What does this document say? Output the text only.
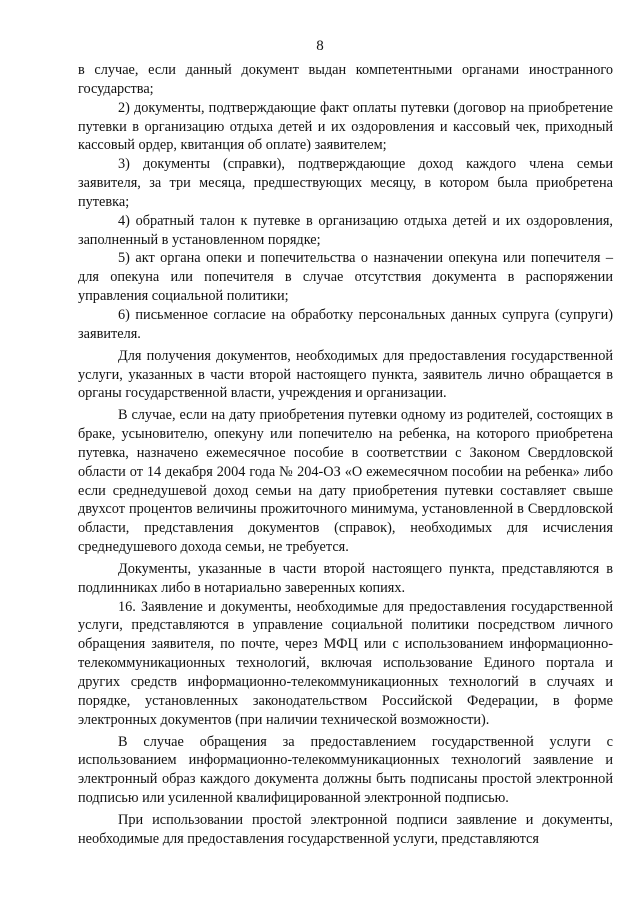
8

в случае, если данный документ выдан компетентными органами иностранного государства;

2) документы, подтверждающие факт оплаты путевки (договор на приобретение путевки в организацию отдыха детей и их оздоровления и кассовый чек, приходный кассовый ордер, квитанция об оплате) заявителем;

3) документы (справки), подтверждающие доход каждого члена семьи заявителя, за три месяца, предшествующих месяцу, в котором была приобретена путевка;

4) обратный талон к путевке в организацию отдыха детей и их оздоровления, заполненный в установленном порядке;

5) акт органа опеки и попечительства о назначении опекуна или попечителя – для опекуна или попечителя в случае отсутствия документа в распоряжении управления социальной политики;

6) письменное согласие на обработку персональных данных супруга (супруги) заявителя.

Для получения документов, необходимых для предоставления государственной услуги, указанных в части второй настоящего пункта, заявитель лично обращается в органы государственной власти, учреждения и организации.

В случае, если на дату приобретения путевки одному из родителей, состоящих в браке, усыновителю, опекуну или попечителю на ребенка, на которого приобретена путевка, назначено ежемесячное пособие в соответствии с Законом Свердловской области от 14 декабря 2004 года № 204-ОЗ «О ежемесячном пособии на ребенка» либо если среднедушевой доход семьи на дату приобретения путевки составляет свыше двухсот процентов величины прожиточного минимума, установленной в Свердловской области, представления документов (справок), необходимых для исчисления среднедушевого дохода семьи, не требуется.

Документы, указанные в части второй настоящего пункта, представляются в подлинниках либо в нотариально заверенных копиях.

16. Заявление и документы, необходимые для предоставления государственной услуги, представляются в управление социальной политики посредством личного обращения заявителя, по почте, через МФЦ или с использованием информационно-телекоммуникационных технологий, включая использование Единого портала и других средств информационно-телекоммуникационных технологий в случаях и порядке, установленных законодательством Российской Федерации, в форме электронных документов (при наличии технической возможности).

В случае обращения за предоставлением государственной услуги с использованием информационно-телекоммуникационных технологий заявление и электронный образ каждого документа должны быть подписаны простой электронной подписью или усиленной квалифицированной электронной подписью.

При использовании простой электронной подписи заявление и документы, необходимые для предоставления государственной услуги, представляются
